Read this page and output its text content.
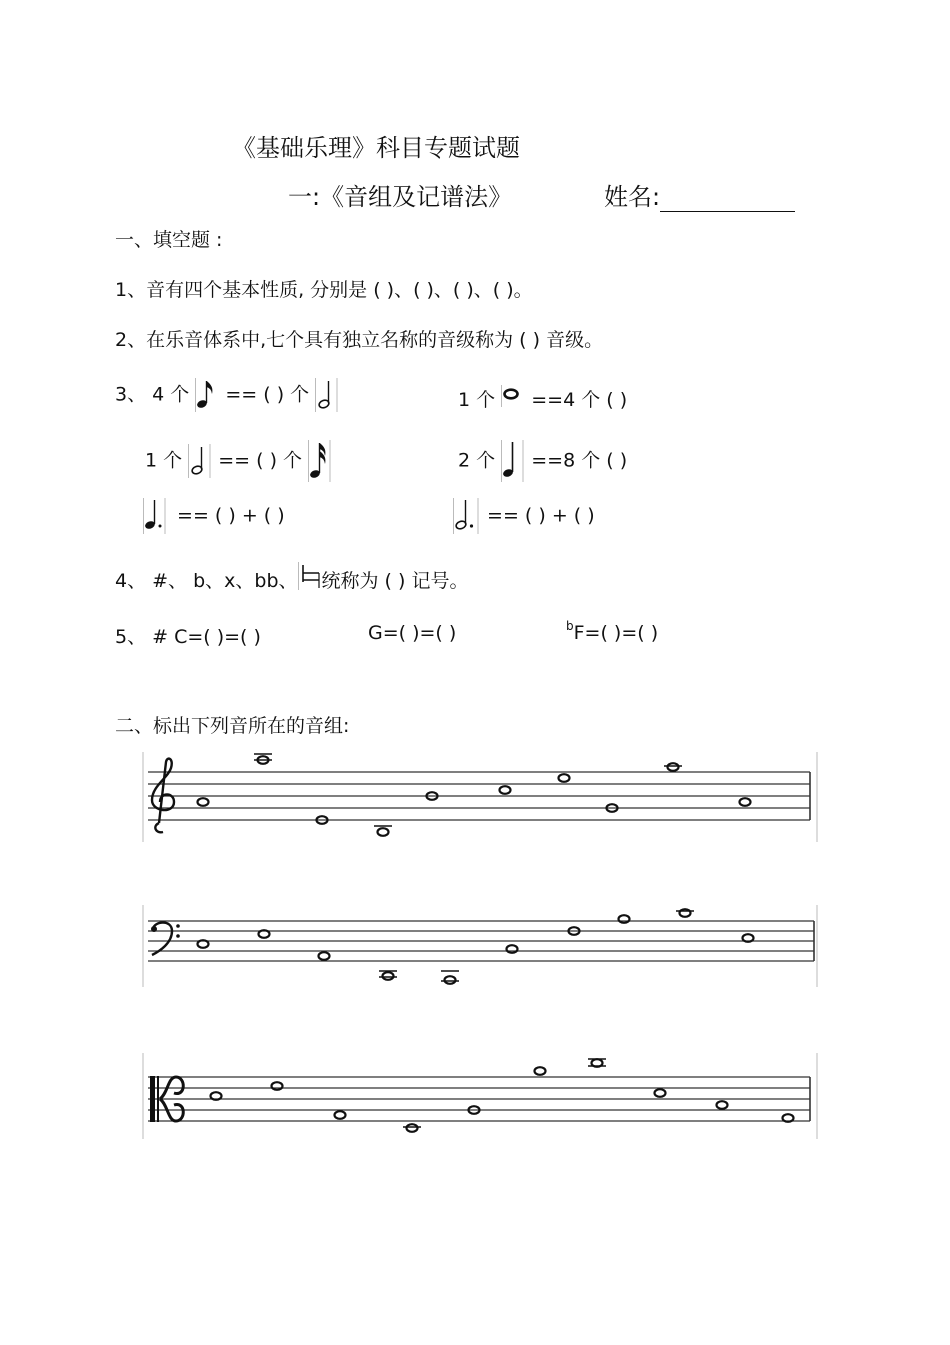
《基础乐理》科目专题试题
一:《音组及记谱法》	姓名:
一、填空题 :
1、音有四个基本性质, 分别是 ( )、( )、( )、( )。
2、在乐音体系中,七个具有独立名称的音级称为 ( ) 音级。
3、 4 个 == ( ) 个	1 个 ==4 个 ( )
1 个 == ( ) 个	2 个 ==8 个 ( )
== ( ) + ( )	== ( ) + ( )
4、 #、 b、x、bb、 统称为 ( ) 记号。
5、 # C=( )=( )	G=( )=( )	$^b$F=( )=( )
二、标出下列音所在的音组:
